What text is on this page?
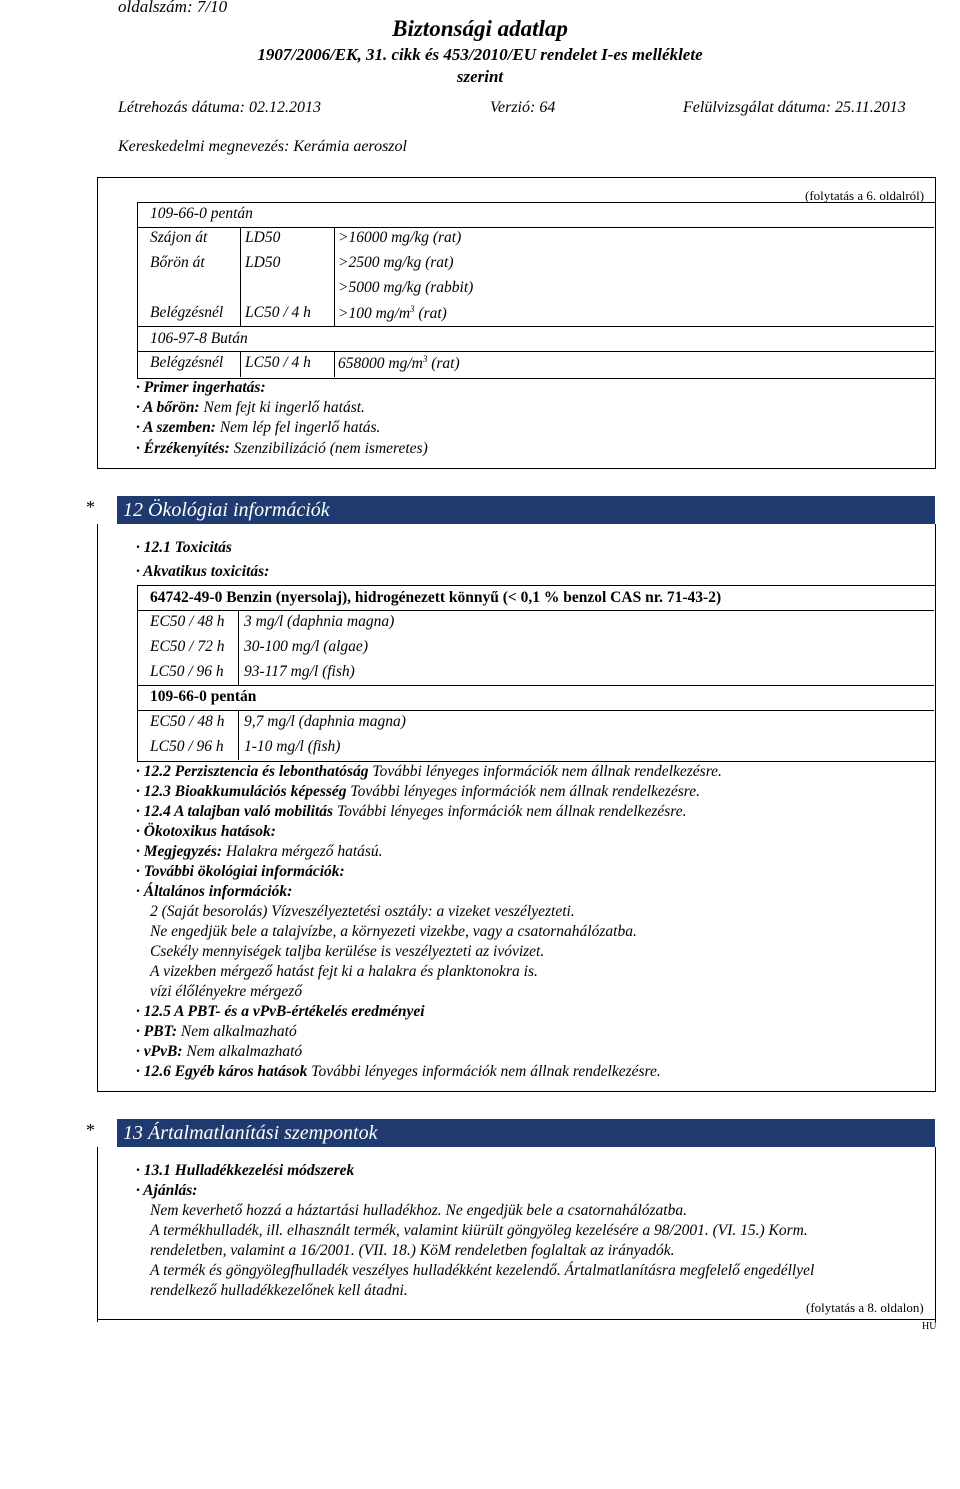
oldalszám: 7/10
Biztonsági adatlap
1907/2006/EK, 31. cikk és 453/2010/EU rendelet I-es melléklete
szerint
Létrehozás dátuma: 02.12.2013	Verzió: 64	Felülvizsgálat dátuma: 25.11.2013
Kereskedelmi megnevezés: Kerámia aeroszol
(folytatás a 6. oldalról)
109-66-0 pentán
Szájon át LD50	>16000 mg/kg (rat)
Bőrön át	LD50	>2500 mg/kg (rat)
>5000 mg/kg (rabbit)
Belégzésnél LC50 / 4 h >100 $mg/m^3$ (rat)
106-97-8 Bután
Belégzésnél LC50 / 4 h 658000 $mg/m^3$ (rat)
· Primer ingerhatás:
· A bőrön: Nem fejt ki ingerlő hatást.
· A szemben: Nem lép fel ingerlő hatás.
· Érzékenyítés: Szenzibilizáció (nem ismeretes)
*	12 Ökológiai információk
· 12.1 Toxicitás
· Akvatikus toxicitás:
64742-49-0 Benzin (nyersolaj), hidrogénezett könnyű (< 0,1 % benzol CAS nr. 71-43-2)
EC50 / 48 h 3 mg/l (daphnia magna)
EC50 / 72 h 30-100 mg/l (algae)
LC50 / 96 h 93-117 mg/l (fish)
109-66-0 pentán
EC50 / 48 h 9,7 mg/l (daphnia magna)
LC50 / 96 h 1-10 mg/l (fish)
· 12.2 Perzisztencia és lebonthatóság További lényeges információk nem állnak rendelkezésre.
· 12.3 Bioakkumulációs képesség További lényeges információk nem állnak rendelkezésre.
· 12.4 A talajban való mobilitás További lényeges információk nem állnak rendelkezésre.
· Ökotoxikus hatások:
· Megjegyzés: Halakra mérgező hatású.
· További ökológiai információk:
· Általános információk:
2 (Saját besorolás) Vízveszélyeztetési osztály: a vizeket veszélyezteti.
Ne engedjük bele a talajvízbe, a környezeti vizekbe, vagy a csatornahálózatba.
Csekély mennyiségek taljba kerülése is veszélyezteti az ivóvizet.
A vizekben mérgező hatást fejt ki a halakra és planktonokra is.
vízi élőlényekre mérgező
· 12.5 A PBT- és a vPvB-értékelés eredményei
· PBT: Nem alkalmazható
· vPvB: Nem alkalmazható
· 12.6 Egyéb káros hatások További lényeges információk nem állnak rendelkezésre.
*	13 Ártalmatlanítási szempontok
· 13.1 Hulladékkezelési módszerek
· Ajánlás:
Nem keverhető hozzá a háztartási hulladékhoz. Ne engedjük bele a csatornahálózatba.
A termékhulladék, ill. elhasznált termék, valamint kiürült göngyöleg kezelésére a 98/2001. (VI. 15.) Korm.
rendeletben, valamint a 16/2001. (VII. 18.) KöM rendeletben foglaltak az irányadók.
A termék és göngyölegfhulladék veszélyes hulladékként kezelendő. Ártalmatlanításra megfelelő engedéllyel
rendelkező hulladékkezelőnek kell átadni.
(folytatás a 8. oldalon)
HU
